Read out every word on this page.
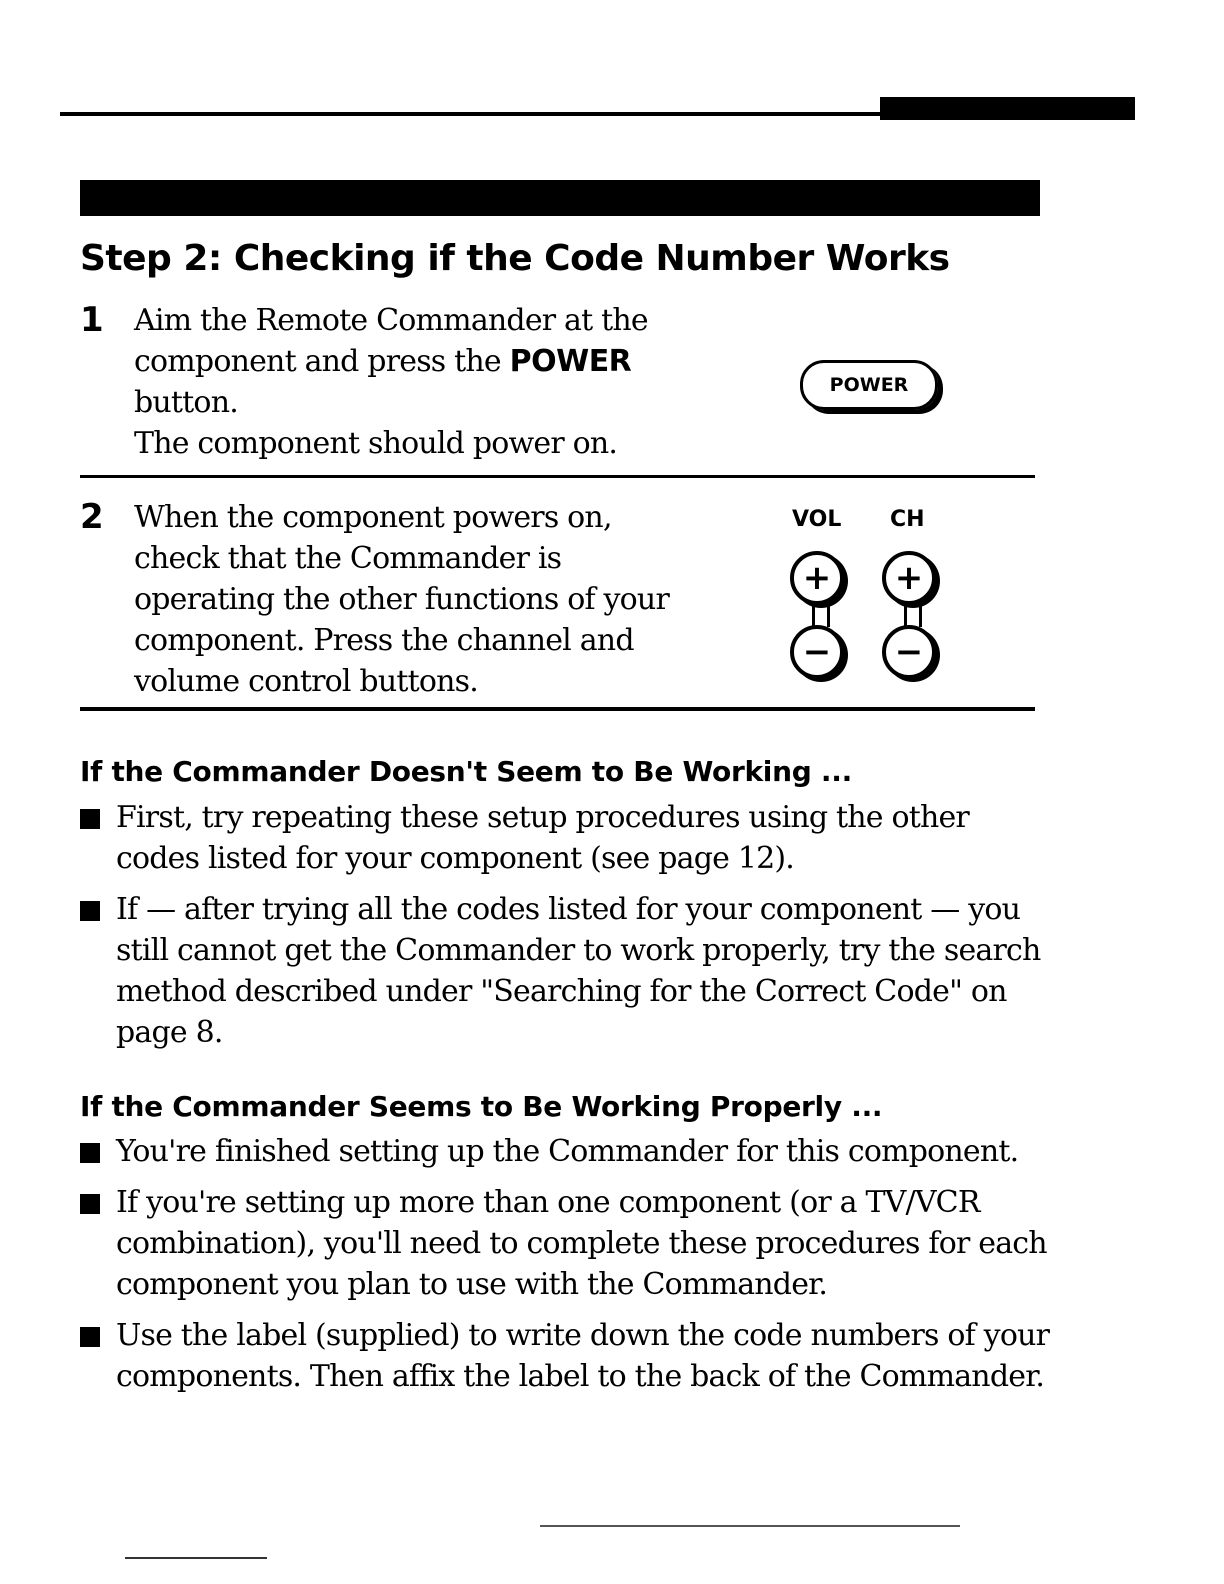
Step 2: Checking if the Code Number Works
1 Aim the Remote Commander at the component and press the POWER button.

The component should power on.

POWER
2 When the component powers on, check that the Commander is operating the other functions of your component. Press the channel and volume control buttons.

VOL CH
+
−
+
−
If the Commander Doesn't Seem to Be Working ...
First, try repeating these setup procedures using the other codes listed for your component (see page 12).
If — after trying all the codes listed for your component — you still cannot get the Commander to work properly, try the search method described under "Searching for the Correct Code" on page 8.
If the Commander Seems to Be Working Properly ...
You're finished setting up the Commander for this component.
If you're setting up more than one component (or a TV/VCR combination), you'll need to complete these procedures for each component you plan to use with the Commander.
Use the label (supplied) to write down the code numbers of your components. Then affix the label to the back of the Commander.
